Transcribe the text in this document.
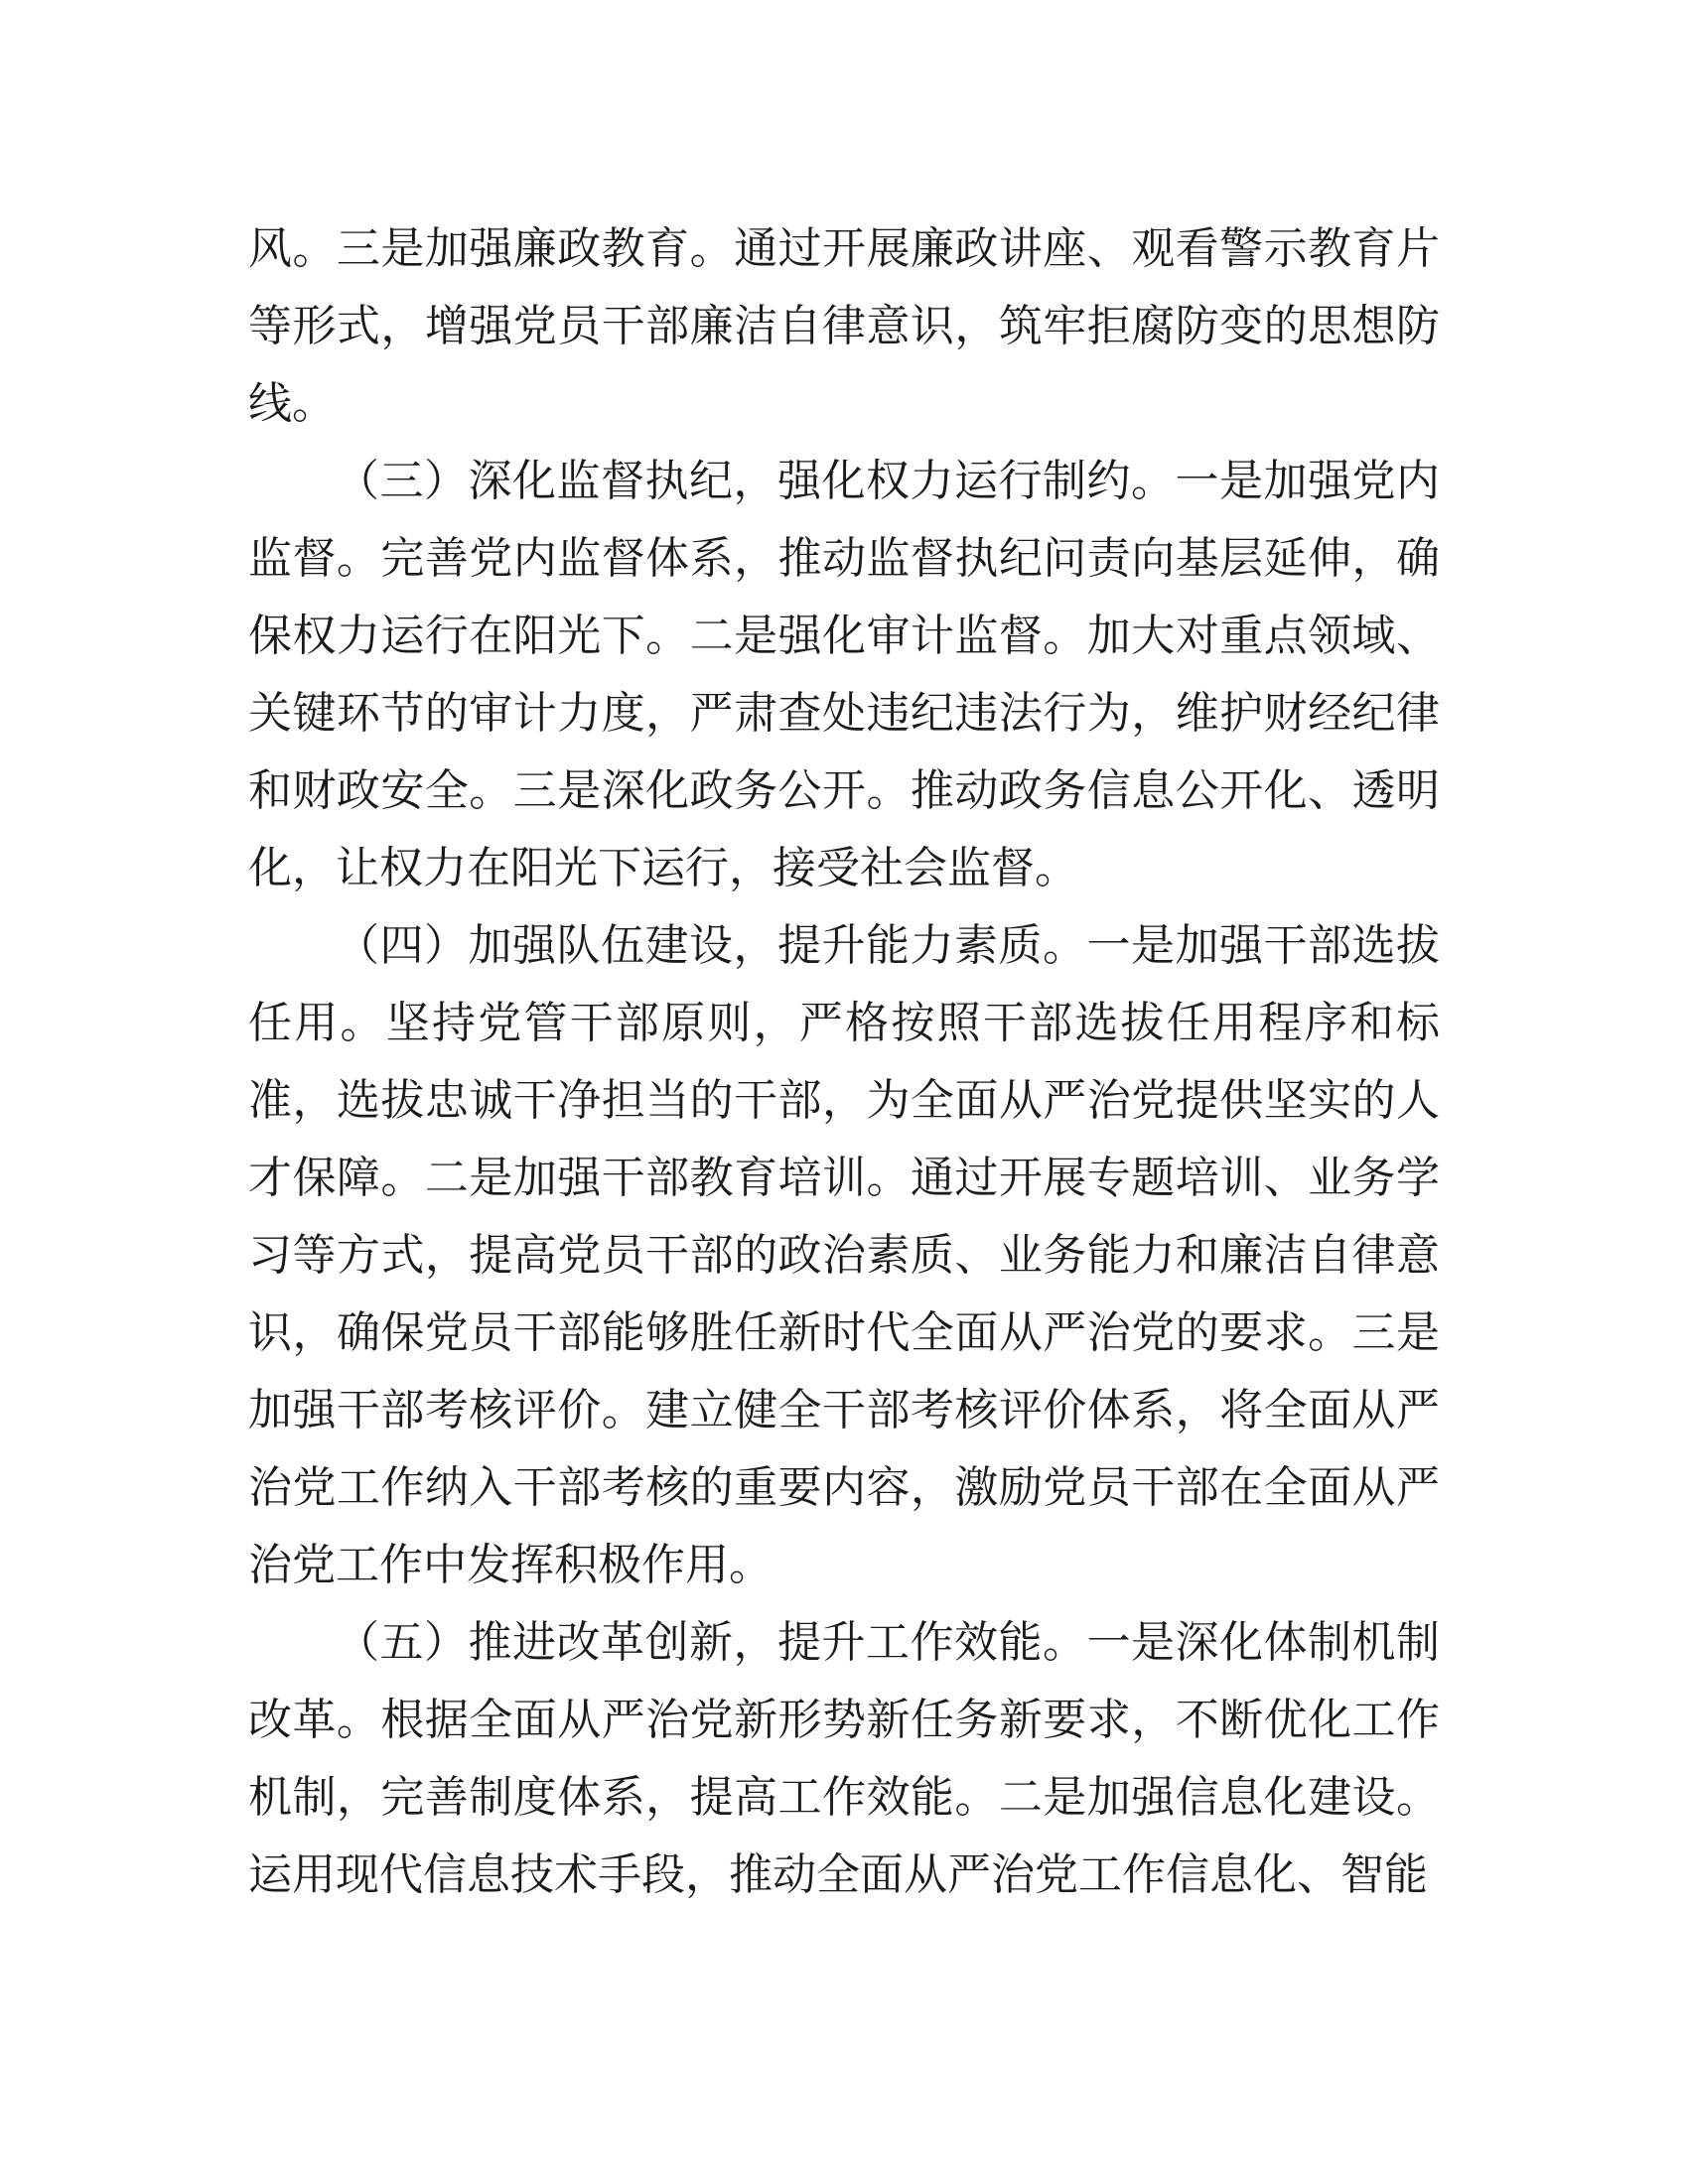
风。三是加强廉政教育。通过开展廉政讲座、观看警示教育片等形式，增强党员干部廉洁自律意识，筑牢拒腐防变的思想防线。

（三）深化监督执纪，强化权力运行制约。一是加强党内监督。完善党内监督体系，推动监督执纪问责向基层延伸，确保权力运行在阳光下。二是强化审计监督。加大对重点领域、关键环节的审计力度，严肃查处违纪违法行为，维护财经纪律和财政安全。三是深化政务公开。推动政务信息公开化、透明化，让权力在阳光下运行，接受社会监督。

（四）加强队伍建设，提升能力素质。一是加强干部选拔任用。坚持党管干部原则，严格按照干部选拔任用程序和标准，选拔忠诚干净担当的干部，为全面从严治党提供坚实的人才保障。二是加强干部教育培训。通过开展专题培训、业务学习等方式，提高党员干部的政治素质、业务能力和廉洁自律意识，确保党员干部能够胜任新时代全面从严治党的要求。三是加强干部考核评价。建立健全干部考核评价体系，将全面从严治党工作纳入干部考核的重要内容，激励党员干部在全面从严治党工作中发挥积极作用。

（五）推进改革创新，提升工作效能。一是深化体制机制改革。根据全面从严治党新形势新任务新要求，不断优化工作机制，完善制度体系，提高工作效能。二是加强信息化建设。运用现代信息技术手段，推动全面从严治党工作信息化、智能
